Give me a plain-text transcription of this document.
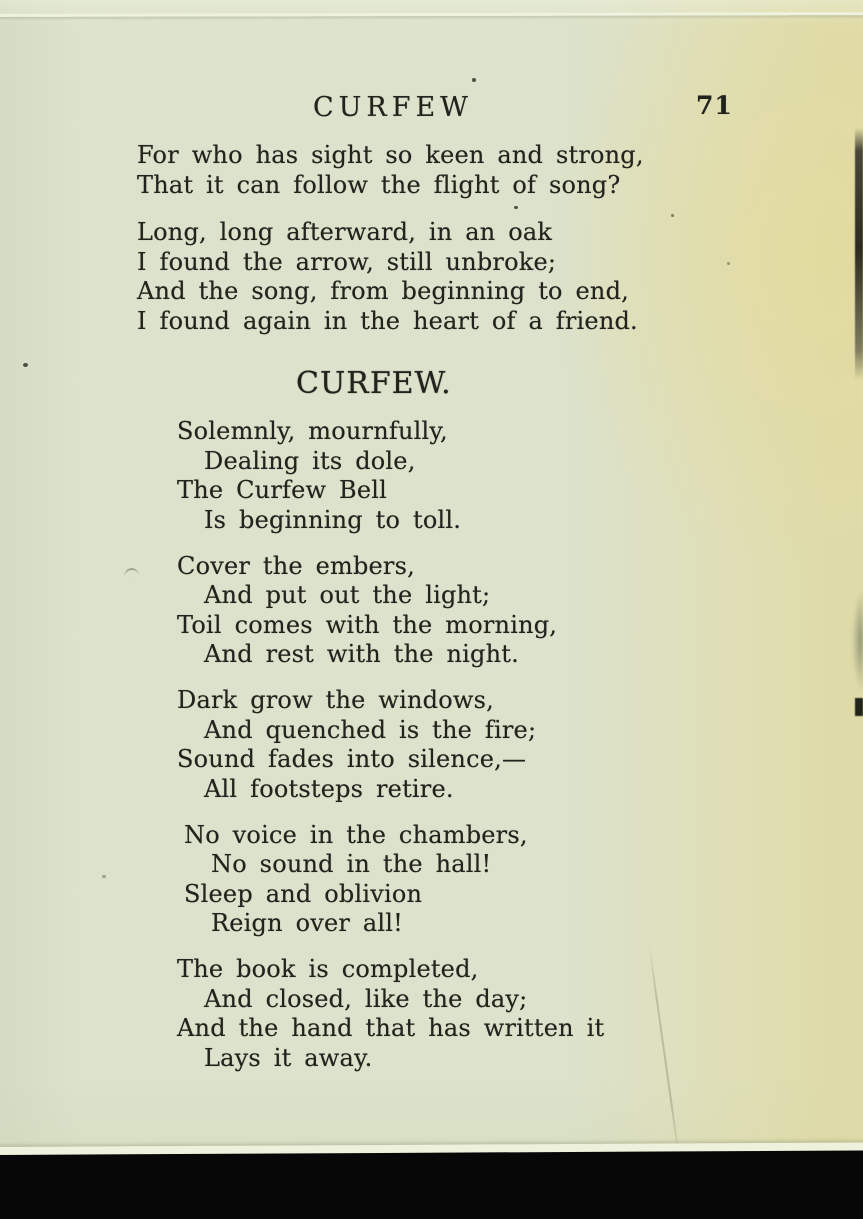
CURFEW	71
For who has sight so keen and strong,
That it can follow the flight of song?
Long, long afterward, in an oak
I found the arrow, still unbroke;
And the song, from beginning to end,
I found again in the heart of a friend.
CURFEW.
Solemnly, mournfully,
Dealing its dole,
The Curfew Bell
Is beginning to toll.
Cover the embers,
And put out the light;
Toil comes with the morning,
And rest with the night.
Dark grow the windows,
And quenched is the fire;
Sound fades into silence,—
All footsteps retire.
No voice in the chambers,
No sound in the hall!
Sleep and oblivion
Reign over all!
The book is completed,
And closed, like the day;
And the hand that has written it
Lays it away.
